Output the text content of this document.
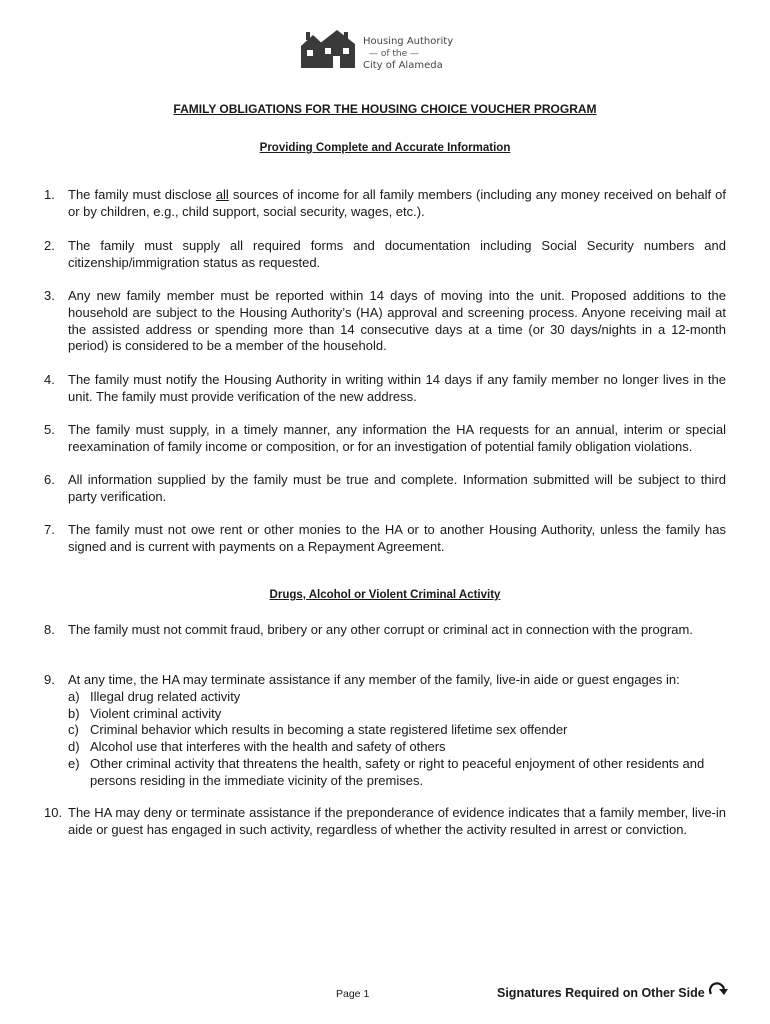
Housing Authority
— of the —
City of Alameda
FAMILY OBLIGATIONS FOR THE HOUSING CHOICE VOUCHER PROGRAM
Providing Complete and Accurate Information
1. The family must disclose all sources of income for all family members (including any money received on behalf of or by children, e.g., child support, social security, wages, etc.).
2. The family must supply all required forms and documentation including Social Security numbers and citizenship/immigration status as requested.
3. Any new family member must be reported within 14 days of moving into the unit. Proposed additions to the household are subject to the Housing Authority’s (HA) approval and screening process. Anyone receiving mail at the assisted address or spending more than 14 consecutive days at a time (or 30 days/nights in a 12-month period) is considered to be a member of the household.
4. The family must notify the Housing Authority in writing within 14 days if any family member no longer lives in the unit. The family must provide verification of the new address.
5. The family must supply, in a timely manner, any information the HA requests for an annual, interim or special reexamination of family income or composition, or for an investigation of potential family obligation violations.
6. All information supplied by the family must be true and complete. Information submitted will be subject to third party verification.
7. The family must not owe rent or other monies to the HA or to another Housing Authority, unless the family has signed and is current with payments on a Repayment Agreement.
Drugs, Alcohol or Violent Criminal Activity
8. The family must not commit fraud, bribery or any other corrupt or criminal act in connection with the program.
9. At any time, the HA may terminate assistance if any member of the family, live-in aide or guest engages in:
a) Illegal drug related activity
b) Violent criminal activity
c) Criminal behavior which results in becoming a state registered lifetime sex offender
d) Alcohol use that interferes with the health and safety of others
e) Other criminal activity that threatens the health, safety or right to peaceful enjoyment of other residents and persons residing in the immediate vicinity of the premises.
10. The HA may deny or terminate assistance if the preponderance of evidence indicates that a family member, live-in aide or guest has engaged in such activity, regardless of whether the activity resulted in arrest or conviction.
Page 1	Signatures Required on Other Side
